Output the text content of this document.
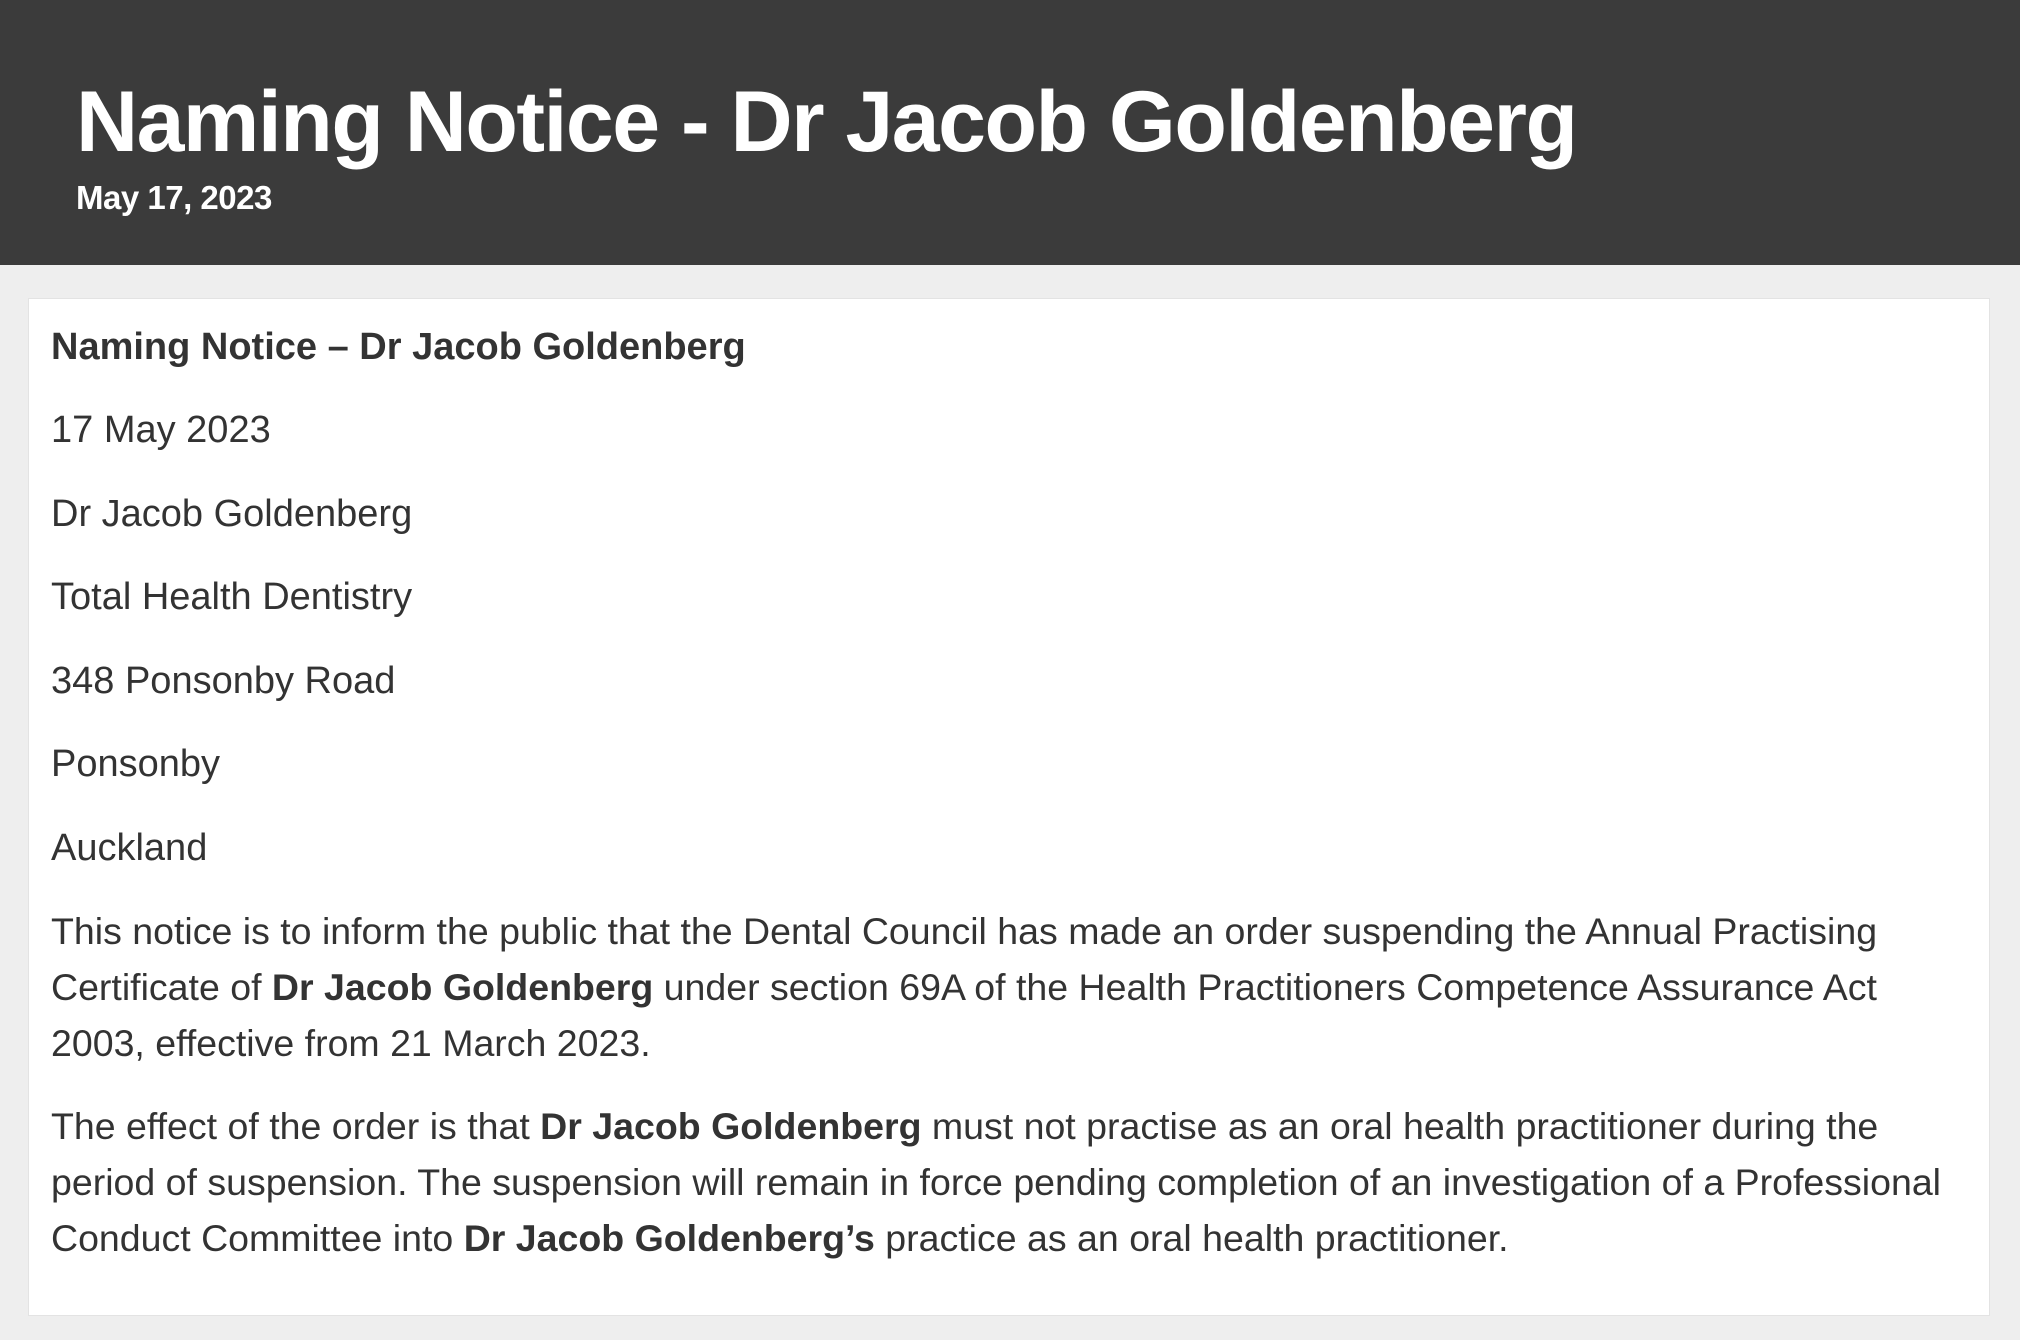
Naming Notice - Dr Jacob Goldenberg
May 17, 2023

Naming Notice – Dr Jacob Goldenberg

17 May 2023

Dr Jacob Goldenberg

Total Health Dentistry

348 Ponsonby Road

Ponsonby

Auckland

This notice is to inform the public that the Dental Council has made an order suspending the Annual Practising Certificate of Dr Jacob Goldenberg under section 69A of the Health Practitioners Competence Assurance Act 2003, effective from 21 March 2023.

The effect of the order is that Dr Jacob Goldenberg must not practise as an oral health practitioner during the period of suspension. The suspension will remain in force pending completion of an investigation of a Professional Conduct Committee into Dr Jacob Goldenberg’s practice as an oral health practitioner.
